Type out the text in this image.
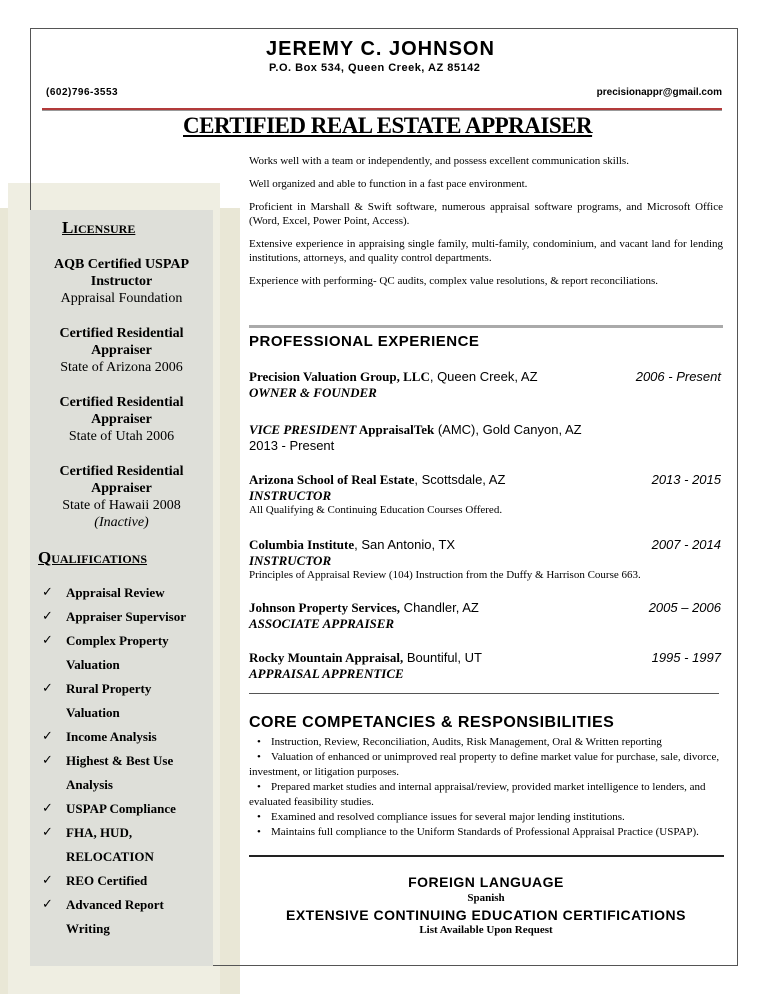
JEREMY C. JOHNSON
P.O. Box 534, Queen Creek, AZ 85142
(602)796-3553	precisionappr@gmail.com
CERTIFIED REAL ESTATE APPRAISER

Works well with a team or independently, and possess excellent communication skills.

Well organized and able to function in a fast pace environment.

Proficient in Marshall & Swift software, numerous appraisal software programs, and Microsoft Office (Word, Excel, Power Point, Access).

Extensive experience in appraising single family, multi-family, condominium, and vacant land for lending institutions, attorneys, and quality control departments.

Experience with performing- QC audits, complex value resolutions, & report reconciliations.

PROFESSIONAL EXPERIENCE
Precision Valuation Group, LLC, Queen Creek, AZ	2006 - Present
OWNER & FOUNDER
VICE PRESIDENT AppraisalTek (AMC), Gold Canyon, AZ
2013 - Present
Arizona School of Real Estate, Scottsdale, AZ	2013 - 2015
INSTRUCTOR
All Qualifying & Continuing Education Courses Offered.
Columbia Institute, San Antonio, TX	2007 - 2014
INSTRUCTOR
Principles of Appraisal Review (104) Instruction from the Duffy & Harrison Course 663.
Johnson Property Services, Chandler, AZ	2005 – 2006
ASSOCIATE APPRAISER
Rocky Mountain Appraisal, Bountiful, UT	1995 - 1997
APPRAISAL APPRENTICE
CORE COMPETANCIES & RESPONSIBILITIES
• Instruction, Review, Reconciliation, Audits, Risk Management, Oral & Written reporting
• Valuation of enhanced or unimproved real property to define market value for purchase, sale, divorce, investment, or litigation purposes.
• Prepared market studies and internal appraisal/review, provided market intelligence to lenders, and evaluated feasibility studies.
• Examined and resolved compliance issues for several major lending institutions.
• Maintains full compliance to the Uniform Standards of Professional Appraisal Practice (USPAP).
FOREIGN LANGUAGE
Spanish
EXTENSIVE CONTINUING EDUCATION CERTIFICATIONS
List Available Upon Request
Licensure
AQB Certified USPAP Instructor
Appraisal Foundation
Certified Residential Appraiser
State of Arizona 2006
Certified Residential Appraiser
State of Utah 2006
Certified Residential Appraiser
State of Hawaii 2008
(Inactive)
Qualifications
✓ Appraisal Review
✓ Appraiser Supervisor
✓ Complex Property
Valuation
✓ Rural Property
Valuation
✓ Income Analysis
✓ Highest & Best Use
Analysis
✓ USPAP Compliance
✓ FHA, HUD,
RELOCATION
✓ REO Certified
✓ Advanced Report
Writing
